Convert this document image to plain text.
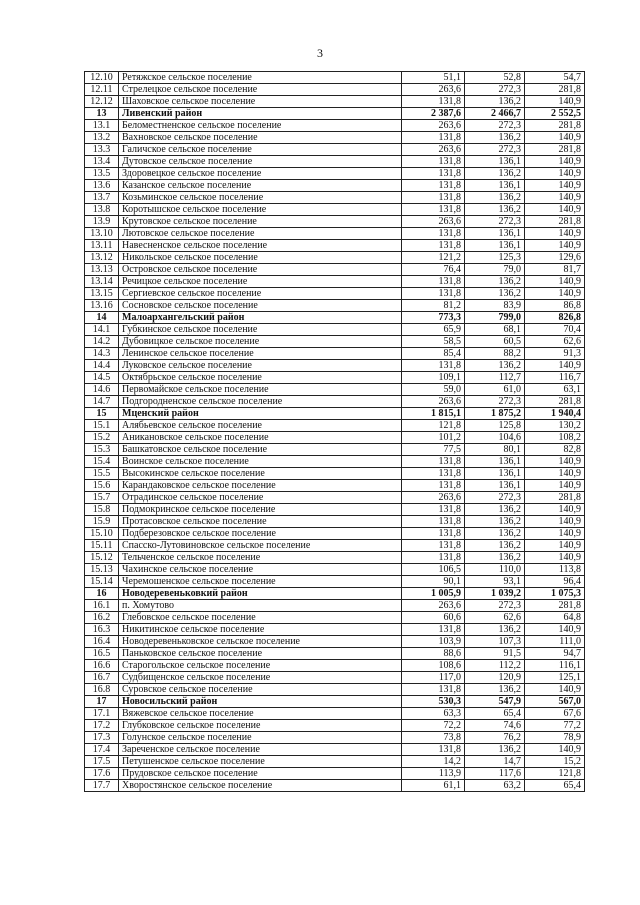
3
12.10	Ретяжское сельское поселение	51,1	52,8	54,7
12.11	Стрелецкое сельское поселение	263,6	272,3	281,8
12.12	Шаховское сельское поселение	131,8	136,2	140,9
13	Ливенский район	2 387,6	2 466,7	2 552,5
13.1	Беломестненское сельское поселение	263,6	272,3	281,8
13.2	Вахновское сельское поселение	131,8	136,2	140,9
13.3	Галичское сельское поселение	263,6	272,3	281,8
13.4	Дутовское сельское поселение	131,8	136,1	140,9
13.5	Здоровецкое сельское поселение	131,8	136,2	140,9
13.6	Казанское сельское поселение	131,8	136,1	140,9
13.7	Козьминское сельское поселение	131,8	136,2	140,9
13.8	Коротышское сельское поселение	131,8	136,2	140,9
13.9	Крутовское сельское поселение	263,6	272,3	281,8
13.10	Лютовское сельское поселение	131,8	136,1	140,9
13.11	Навесненское сельское поселение	131,8	136,1	140,9
13.12	Никольское сельское поселение	121,2	125,3	129,6
13.13	Островское сельское поселение	76,4	79,0	81,7
13.14	Речицкое сельское поселение	131,8	136,2	140,9
13.15	Сергиевское сельское поселение	131,8	136,2	140,9
13.16	Сосновское сельское поселение	81,2	83,9	86,8
14	Малоархангельский район	773,3	799,0	826,8
14.1	Губкинское сельское поселение	65,9	68,1	70,4
14.2	Дубовицкое сельское поселение	58,5	60,5	62,6
14.3	Ленинское сельское поселение	85,4	88,2	91,3
14.4	Луковское сельское поселение	131,8	136,2	140,9
14.5	Октябрьское сельское поселение	109,1	112,7	116,7
14.6	Первомайское сельское поселение	59,0	61,0	63,1
14.7	Подгородненское сельское поселение	263,6	272,3	281,8
15	Мценский район	1 815,1	1 875,2	1 940,4
15.1	Алябьевское сельское поселение	121,8	125,8	130,2
15.2	Аникановское сельское поселение	101,2	104,6	108,2
15.3	Башкатовское сельское поселение	77,5	80,1	82,8
15.4	Воинское сельское поселение	131,8	136,1	140,9
15.5	Высокинское сельское поселение	131,8	136,1	140,9
15.6	Карандаковское сельское поселение	131,8	136,1	140,9
15.7	Отрадинское сельское поселение	263,6	272,3	281,8
15.8	Подмокринское сельское поселение	131,8	136,2	140,9
15.9	Протасовское сельское поселение	131,8	136,2	140,9
15.10	Подберезовское сельское поселение	131,8	136,2	140,9
15.11	Спасско-Лутовиновское сельское поселение	131,8	136,2	140,9
15.12	Тельченское сельское поселение	131,8	136,2	140,9
15.13	Чахинское сельское поселение	106,5	110,0	113,8
15.14	Черемошенское сельское поселение	90,1	93,1	96,4
16	Новодеревеньковкий район	1 005,9	1 039,2	1 075,3
16.1	п. Хомутово	263,6	272,3	281,8
16.2	Глебовское сельское поселение	60,6	62,6	64,8
16.3	Никитинское сельское поселение	131,8	136,2	140,9
16.4	Новодеревеньковское сельское поселение	103,9	107,3	111,0
16.5	Паньковское сельское поселение	88,6	91,5	94,7
16.6	Старогольское сельское поселение	108,6	112,2	116,1
16.7	Судбищенское сельское поселение	117,0	120,9	125,1
16.8	Суровское сельское поселение	131,8	136,2	140,9
17	Новосильский район	530,3	547,9	567,0
17.1	Вяжевское сельское поселение	63,3	65,4	67,6
17.2	Глубковское сельское поселение	72,2	74,6	77,2
17.3	Голунское сельское поселение	73,8	76,2	78,9
17.4	Зареченское сельское поселение	131,8	136,2	140,9
17.5	Петушенское сельское поселение	14,2	14,7	15,2
17.6	Прудовское сельское поселение	113,9	117,6	121,8
17.7	Хворостянское сельское поселение	61,1	63,2	65,4
